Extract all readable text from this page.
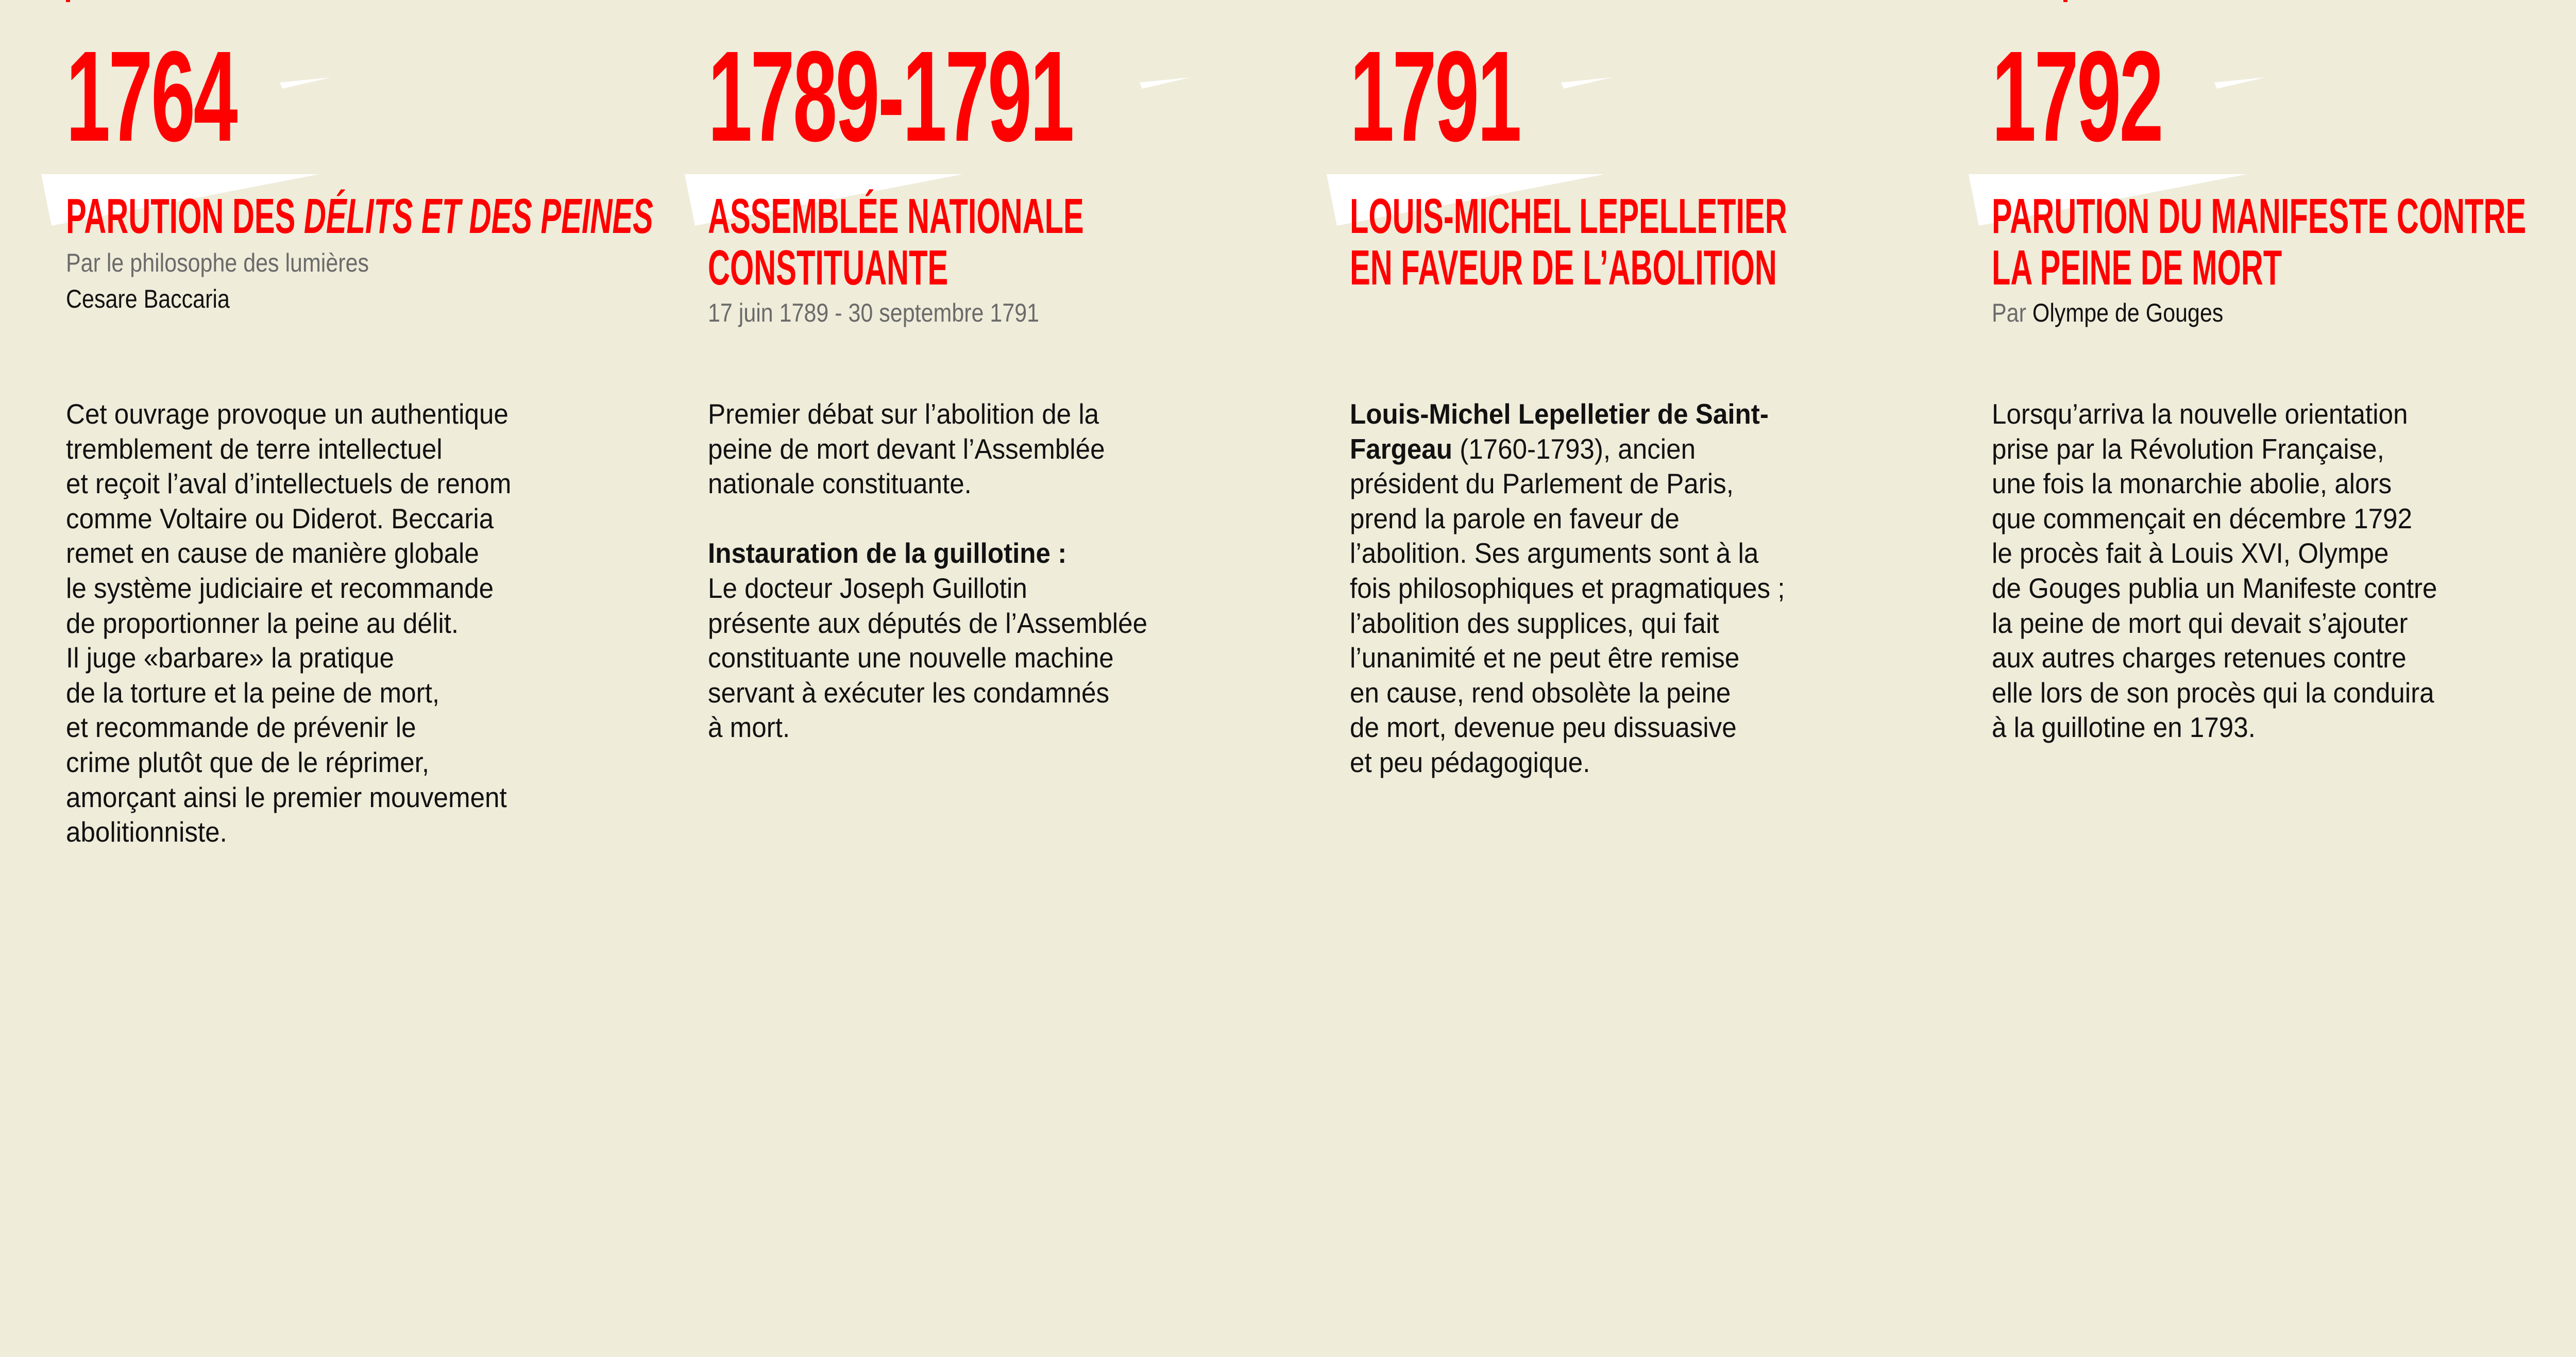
1764
PARUTION DES DÉLITS ET DES PEINES
Par le philosophe des lumières
Cesare Baccaria
Cet ouvrage provoque un authentique
tremblement de terre intellectuel
et reçoit l’aval d’intellectuels de renom
comme Voltaire ou Diderot. Beccaria
remet en cause de manière globale
le système judiciaire et recommande
de proportionner la peine au délit.
Il juge «barbare» la pratique
de la torture et la peine de mort,
et recommande de prévenir le
crime plutôt que de le réprimer,
amorçant ainsi le premier mouvement
abolitionniste.
1789-1791
ASSEMBLÉE NATIONALE
CONSTITUANTE
17 juin 1789 - 30 septembre 1791
Premier débat sur l’abolition de la
peine de mort devant l’Assemblée
nationale constituante.
Instauration de la guillotine :
Le docteur Joseph Guillotin
présente aux députés de l’Assemblée
constituante une nouvelle machine
servant à exécuter les condamnés
à mort.
1791
LOUIS-MICHEL LEPELLETIER
EN FAVEUR DE L’ABOLITION
Louis-Michel Lepelletier de Saint-
Fargeau (1760-1793), ancien
président du Parlement de Paris,
prend la parole en faveur de
l’abolition. Ses arguments sont à la
fois philosophiques et pragmatiques ;
l’abolition des supplices, qui fait
l’unanimité et ne peut être remise
en cause, rend obsolète la peine
de mort, devenue peu dissuasive
et peu pédagogique.
1792
PARUTION DU MANIFESTE CONTRE
LA PEINE DE MORT
Par Olympe de Gouges
Lorsqu’arriva la nouvelle orientation
prise par la Révolution Française,
une fois la monarchie abolie, alors
que commençait en décembre 1792
le procès fait à Louis XVI, Olympe
de Gouges publia un Manifeste contre
la peine de mort qui devait s’ajouter
aux autres charges retenues contre
elle lors de son procès qui la conduira
à la guillotine en 1793.
